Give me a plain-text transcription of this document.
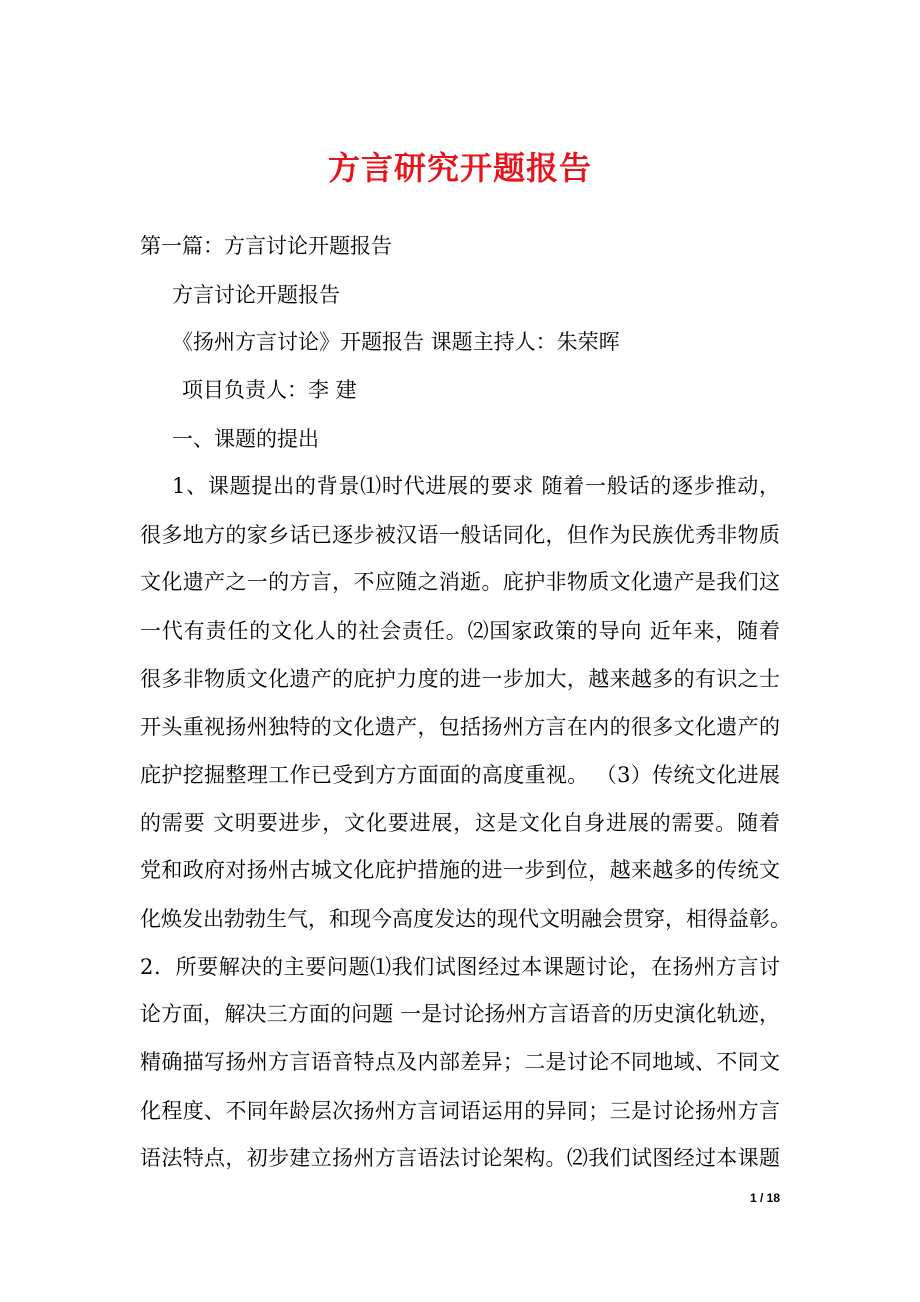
方言研究开题报告
第一篇：方言讨论开题报告
方言讨论开题报告
《扬州方言讨论》开题报告 课题主持人：朱荣晖
项目负责人：李 建
一、课题的提出
1、课题提出的背景⑴时代进展的要求 随着一般话的逐步推动，
很多地方的家乡话已逐步被汉语一般话同化，但作为民族优秀非物质
文化遗产之一的方言，不应随之消逝。庇护非物质文化遗产是我们这
一代有责任的文化人的社会责任。⑵国家政策的导向 近年来，随着
很多非物质文化遗产的庇护力度的进一步加大，越来越多的有识之士
开头重视扬州独特的文化遗产，包括扬州方言在内的很多文化遗产的
庇护挖掘整理工作已受到方方面面的高度重视。 （3）传统文化进展
的需要 文明要进步，文化要进展，这是文化自身进展的需要。随着
党和政府对扬州古城文化庇护措施的进一步到位，越来越多的传统文
化焕发出勃勃生气，和现今高度发达的现代文明融会贯穿，相得益彰。
2．所要解决的主要问题⑴我们试图经过本课题讨论，在扬州方言讨
论方面，解决三方面的问题 一是讨论扬州方言语音的历史演化轨迹，
精确描写扬州方言语音特点及内部差异；二是讨论不同地域、不同文
化程度、不同年龄层次扬州方言词语运用的异同；三是讨论扬州方言
语法特点，初步建立扬州方言语法讨论架构。⑵我们试图经过本课题
1 / 18
